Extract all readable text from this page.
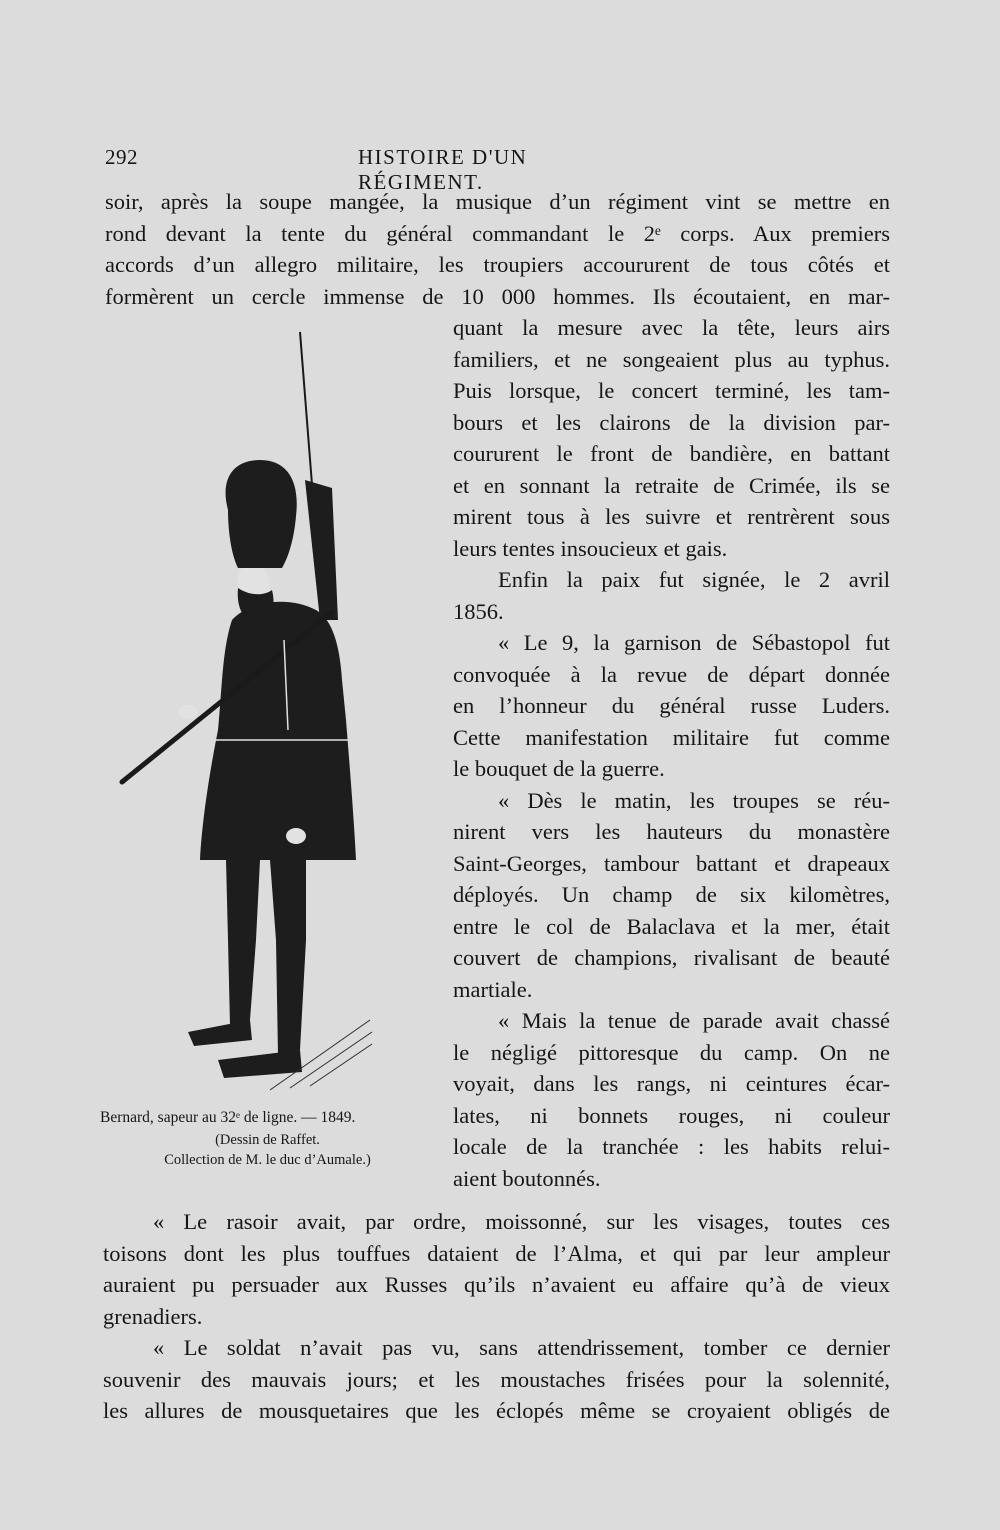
292	HISTOIRE D'UN RÉGIMENT.
soir, après la soupe mangée, la musique d’un régiment vint se mettre en
rond devant la tente du général commandant le 2ᵉ corps. Aux premiers
accords d’un allegro militaire, les troupiers accoururent de tous côtés et
formèrent un cercle immense de 10 000 hommes. Ils écoutaient, en mar-
quant la mesure avec la tête, leurs airs
familiers, et ne songeaient plus au typhus.
Puis lorsque, le concert terminé, les tam-
bours et les clairons de la division par-
coururent le front de bandière, en battant
et en sonnant la retraite de Crimée, ils se
mirent tous à les suivre et rentrèrent sous
leurs tentes insoucieux et gais.
Enfin la paix fut signée, le 2 avril
1856.
« Le 9, la garnison de Sébastopol fut
convoquée à la revue de départ donnée
en l’honneur du général russe Luders.
Cette manifestation militaire fut comme
le bouquet de la guerre.
« Dès le matin, les troupes se réu-
nirent vers les hauteurs du monastère
Saint-Georges, tambour battant et drapeaux
déployés. Un champ de six kilomètres,
entre le col de Balaclava et la mer, était
couvert de champions, rivalisant de beauté
martiale.
« Mais la tenue de parade avait chassé
le négligé pittoresque du camp. On ne
voyait, dans les rangs, ni ceintures écar-
lates, ni bonnets rouges, ni couleur
locale de la tranchée : les habits relui-
aient boutonnés.
Bernard, sapeur au 32ᵉ de ligne. — 1849.
(Dessin de Raffet.
Collection de M. le duc d’Aumale.)
« Le rasoir avait, par ordre, moissonné, sur les visages, toutes ces
toisons dont les plus touffues dataient de l’Alma, et qui par leur ampleur
auraient pu persuader aux Russes qu’ils n’avaient eu affaire qu’à de vieux
grenadiers.
« Le soldat n’avait pas vu, sans attendrissement, tomber ce dernier
souvenir des mauvais jours; et les moustaches frisées pour la solennité,
les allures de mousquetaires que les éclopés même se croyaient obligés de
